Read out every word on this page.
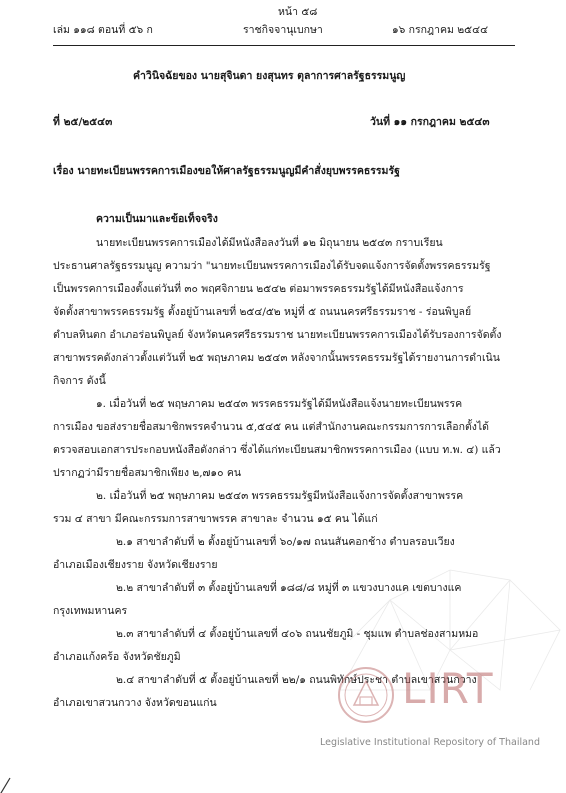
หน้า ๕๘
เล่ม ๑๑๘ ตอนที่ ๕๖ ก	ราชกิจจานุเบกษา	๑๖ กรกฎาคม ๒๕๔๔
คำวินิจฉัยของ นายสุจินดา ยงสุนทร ตุลาการศาลรัฐธรรมนูญ
ที่ ๒๕/๒๕๔๓	วันที่ ๑๑ กรกฎาคม ๒๕๔๓
เรื่อง นายทะเบียนพรรคการเมืองขอให้ศาลรัฐธรรมนูญมีคำสั่งยุบพรรคธรรมรัฐ
ความเป็นมาและข้อเท็จจริง
นายทะเบียนพรรคการเมืองได้มีหนังสือลงวันที่ ๑๒ มิถุนายน ๒๕๔๓ กราบเรียน
ประธานศาลรัฐธรรมนูญ ความว่า "นายทะเบียนพรรคการเมืองได้รับจดแจ้งการจัดตั้งพรรคธรรมรัฐ
เป็นพรรคการเมืองตั้งแต่วันที่ ๓๐ พฤศจิกายน ๒๕๔๒ ต่อมาพรรคธรรมรัฐได้มีหนังสือแจ้งการ
จัดตั้งสาขาพรรคธรรมรัฐ ตั้งอยู่บ้านเลขที่ ๒๕๔/๕๒ หมู่ที่ ๕ ถนนนครศรีธรรมราช - ร่อนพิบูลย์
ตำบลหินตก อำเภอร่อนพิบูลย์ จังหวัดนครศรีธรรมราช นายทะเบียนพรรคการเมืองได้รับรองการจัดตั้ง
สาขาพรรคดังกล่าวตั้งแต่วันที่ ๒๕ พฤษภาคม ๒๕๔๓ หลังจากนั้นพรรคธรรมรัฐได้รายงานการดำเนิน
กิจการ ดังนี้
๑. เมื่อวันที่ ๒๕ พฤษภาคม ๒๕๔๓ พรรคธรรมรัฐได้มีหนังสือแจ้งนายทะเบียนพรรค
การเมือง ขอส่งรายชื่อสมาชิกพรรคจำนวน ๕,๕๔๕ คน แต่สำนักงานคณะกรรมการการเลือกตั้งได้
ตรวจสอบเอกสารประกอบหนังสือดังกล่าว ซึ่งได้แก่ทะเบียนสมาชิกพรรคการเมือง (แบบ ท.พ. ๔) แล้ว
ปรากฏว่ามีรายชื่อสมาชิกเพียง ๒,๗๑๐ คน
๒. เมื่อวันที่ ๒๕ พฤษภาคม ๒๕๔๓ พรรคธรรมรัฐมีหนังสือแจ้งการจัดตั้งสาขาพรรค
รวม ๔ สาขา มีคณะกรรมการสาขาพรรค สาขาละ จำนวน ๑๕ คน ได้แก่
๒.๑ สาขาลำดับที่ ๒ ตั้งอยู่บ้านเลขที่ ๖๐/๑๗ ถนนสันคอกช้าง ตำบลรอบเวียง
อำเภอเมืองเชียงราย จังหวัดเชียงราย
๒.๒ สาขาลำดับที่ ๓ ตั้งอยู่บ้านเลขที่ ๑๘๘/๘ หมู่ที่ ๓ แขวงบางแค เขตบางแค
กรุงเทพมหานคร
๒.๓ สาขาลำดับที่ ๔ ตั้งอยู่บ้านเลขที่ ๔๐๖ ถนนชัยภูมิ - ชุมแพ ตำบลช่องสามหมอ
อำเภอแก้งคร้อ จังหวัดชัยภูมิ
๒.๔ สาขาลำดับที่ ๕ ตั้งอยู่บ้านเลขที่ ๒๒/๑ ถนนพิทักษ์ประชา ตำบลเขาสวนกวาง
อำเภอเขาสวนกวาง จังหวัดขอนแก่น	LIRT
Legislative Institutional Repository of Thailand
